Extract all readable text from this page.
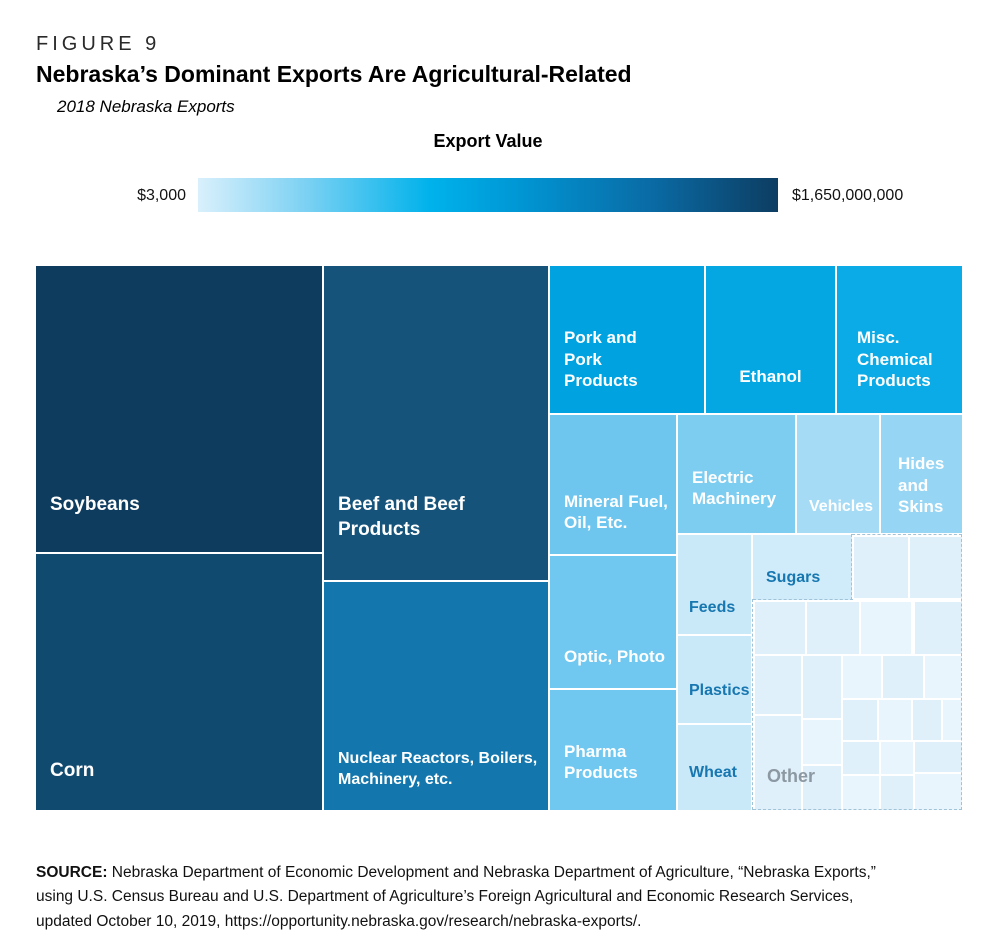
FIGURE 9
Nebraska’s Dominant Exports Are Agricultural-Related
2018 Nebraska Exports
Export Value
$3,000	$1,650,000,000
Other
Soybeans
Corn
Beef and Beef
Products
Nuclear Reactors, Boilers,
Machinery, etc.
Pork and
Pork
Products	Ethanol
Misc.
Chemical
Products
Mineral Fuel,
Oil, Etc.
Electric
Machinery	Vehicles
Hides
and
Skins
Optic, Photo
Pharma
Products
Feeds
Sugars
Plastics
Wheat

SOURCE: Nebraska Department of Economic Development and Nebraska Department of Agriculture, “Nebraska Exports,”
using U.S. Census Bureau and U.S. Department of Agriculture’s Foreign Agricultural and Economic Research Services,
updated October 10, 2019, https://opportunity.nebraska.gov/research/nebraska-exports/.
